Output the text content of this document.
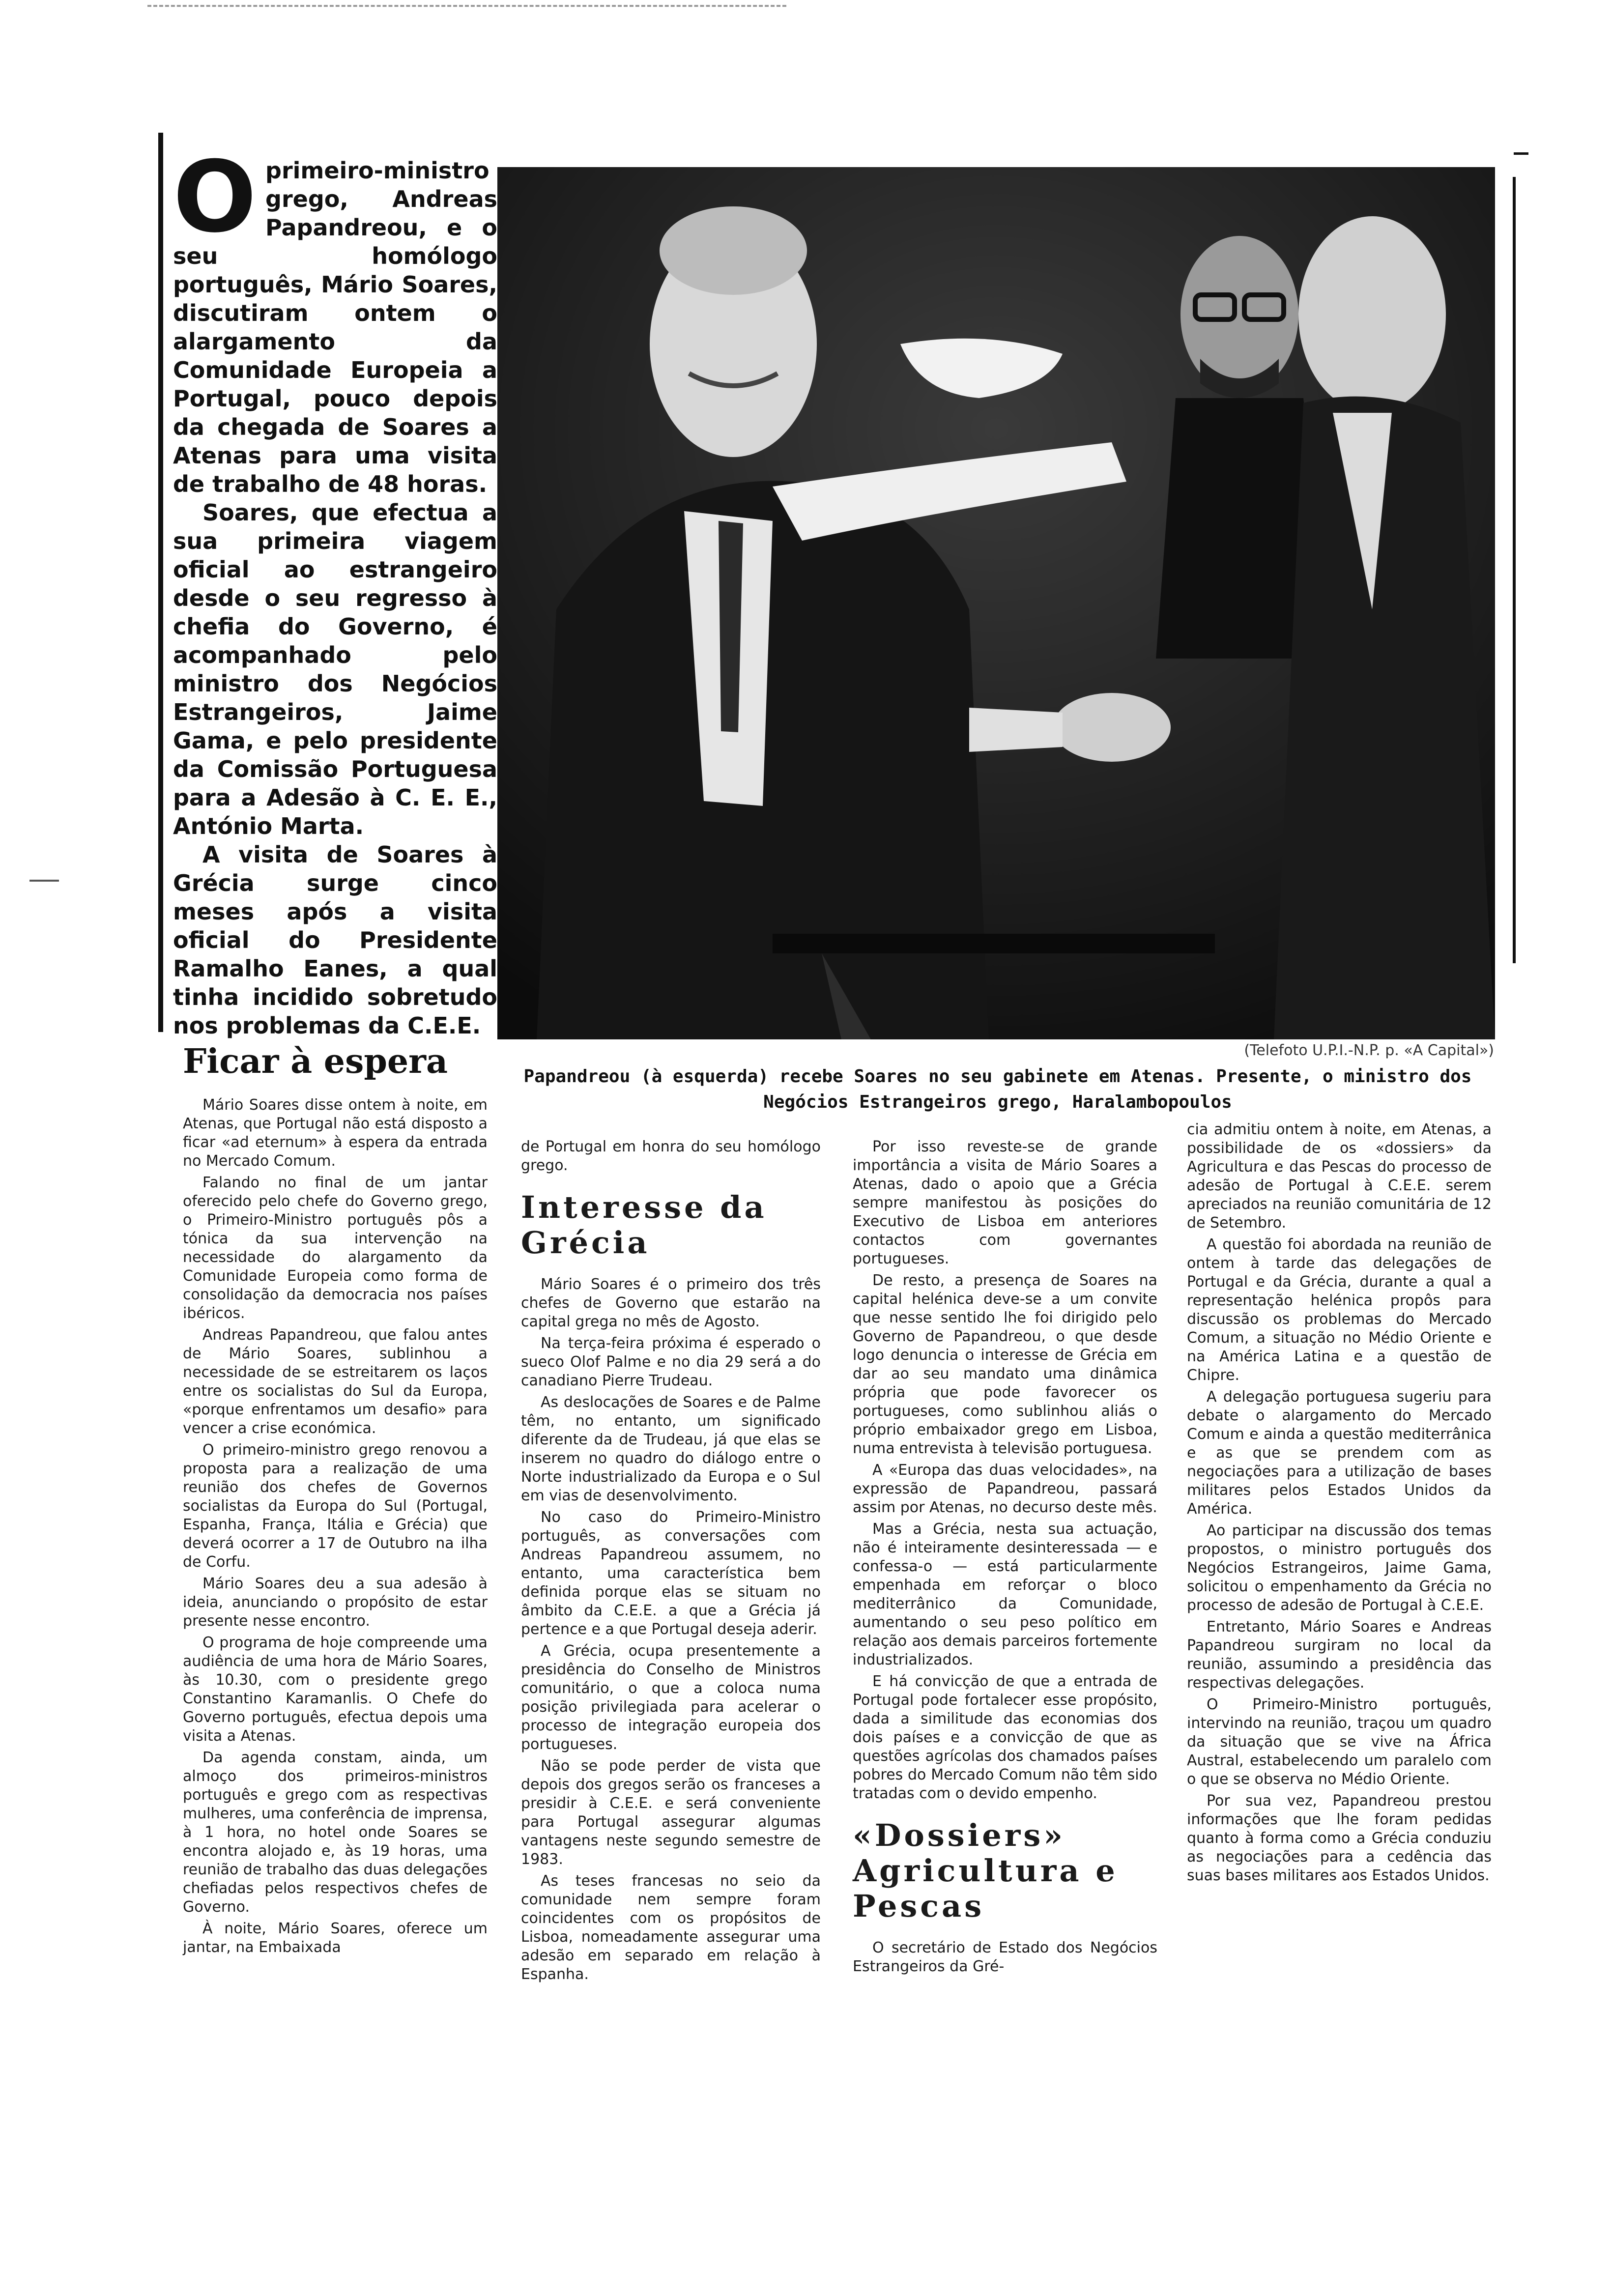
Oprimeiro-ministro grego, Andreas Papandreou, e o seu homólogo português, Mário Soares, discutiram ontem o alargamento da Comunidade Europeia a Portugal, pouco depois da chegada de Soares a Atenas para uma visita de trabalho de 48 horas.

Soares, que efectua a sua primeira viagem oficial ao estrangeiro desde o seu regresso à chefia do Governo, é acompanhado pelo ministro dos Negócios Estrangeiros, Jaime Gama, e pelo presidente da Comissão Portuguesa para a Adesão à C. E. E., António Marta.

A visita de Soares à Grécia surge cinco meses após a visita oficial do Presidente Ramalho Eanes, a qual tinha incidido sobretudo nos problemas da C.E.E.

(Telefoto U.P.I.-N.P. p. «A Capital»)
Papandreou (à esquerda) recebe Soares no seu gabinete em Atenas. Presente, o ministro dos Negócios Estrangeiros grego, Haralambopoulos
Ficar à espera

Mário Soares disse ontem à noite, em Atenas, que Portugal não está disposto a ficar «ad eternum» à espera da entrada no Mercado Comum.

Falando no final de um jantar oferecido pelo chefe do Governo grego, o Primeiro-Ministro português pôs a tónica da sua intervenção na necessidade do alargamento da Comunidade Europeia como forma de consolidação da democracia nos países ibéricos.

Andreas Papandreou, que falou antes de Mário Soares, sublinhou a necessidade de se estreitarem os laços entre os socialistas do Sul da Europa, «porque enfrentamos um desafio» para vencer a crise económica.

O primeiro-ministro grego renovou a proposta para a realização de uma reunião dos chefes de Governos socialistas da Europa do Sul (Portugal, Espanha, França, Itália e Grécia) que deverá ocorrer a 17 de Outubro na ilha de Corfu.

Mário Soares deu a sua adesão à ideia, anunciando o propósito de estar presente nesse encontro.

O programa de hoje compreende uma audiência de uma hora de Mário Soares, às 10.30, com o presidente grego Constantino Karamanlis. O Chefe do Governo português, efectua depois uma visita a Atenas.

Da agenda constam, ainda, um almoço dos primeiros-ministros português e grego com as respectivas mulheres, uma conferência de imprensa, à 1 hora, no hotel onde Soares se encontra alojado e, às 19 horas, uma reunião de trabalho das duas delegações chefiadas pelos respectivos chefes de Governo.

À noite, Mário Soares, oferece um jantar, na Embaixada

de Portugal em honra do seu homólogo grego.

Interesse da Grécia

Mário Soares é o primeiro dos três chefes de Governo que estarão na capital grega no mês de Agosto.

Na terça-feira próxima é esperado o sueco Olof Palme e no dia 29 será a do canadiano Pierre Trudeau.

As deslocações de Soares e de Palme têm, no entanto, um significado diferente da de Trudeau, já que elas se inserem no quadro do diálogo entre o Norte industrializado da Europa e o Sul em vias de desenvolvimento.

No caso do Primeiro-Ministro português, as conversações com Andreas Papandreou assumem, no entanto, uma característica bem definida porque elas se situam no âmbito da C.E.E. a que a Grécia já pertence e a que Portugal deseja aderir.

A Grécia, ocupa presentemente a presidência do Conselho de Ministros comunitário, o que a coloca numa posição privilegiada para acelerar o processo de integração europeia dos portugueses.

Não se pode perder de vista que depois dos gregos serão os franceses a presidir à C.E.E. e será conveniente para Portugal assegurar algumas vantagens neste segundo semestre de 1983.

As teses francesas no seio da comunidade nem sempre foram coincidentes com os propósitos de Lisboa, nomeadamente assegurar uma adesão em separado em relação à Espanha.

Por isso reveste-se de grande importância a visita de Mário Soares a Atenas, dado o apoio que a Grécia sempre manifestou às posições do Executivo de Lisboa em anteriores contactos com governantes portugueses.

De resto, a presença de Soares na capital helénica deve-se a um convite que nesse sentido lhe foi dirigido pelo Governo de Papandreou, o que desde logo denuncia o interesse de Grécia em dar ao seu mandato uma dinâmica própria que pode favorecer os portugueses, como sublinhou aliás o próprio embaixador grego em Lisboa, numa entrevista à televisão portuguesa.

A «Europa das duas velocidades», na expressão de Papandreou, passará assim por Atenas, no decurso deste mês.

Mas a Grécia, nesta sua actuação, não é inteiramente desinteressada — e confessa-o — está particularmente empenhada em reforçar o bloco mediterrânico da Comunidade, aumentando o seu peso político em relação aos demais parceiros fortemente industrializados.

E há convicção de que a entrada de Portugal pode fortalecer esse propósito, dada a similitude das economias dos dois países e a convicção de que as questões agrícolas dos chamados países pobres do Mercado Comum não têm sido tratadas com o devido empenho.

«Dossiers» Agricultura e Pescas

O secretário de Estado dos Negócios Estrangeiros da Gré-

cia admitiu ontem à noite, em Atenas, a possibilidade de os «dossiers» da Agricultura e das Pescas do processo de adesão de Portugal à C.E.E. serem apreciados na reunião comunitária de 12 de Setembro.

A questão foi abordada na reunião de ontem à tarde das delegações de Portugal e da Grécia, durante a qual a representação helénica propôs para discussão os problemas do Mercado Comum, a situação no Médio Oriente e na América Latina e a questão de Chipre.

A delegação portuguesa sugeriu para debate o alargamento do Mercado Comum e ainda a questão mediterrânica e as que se prendem com as negociações para a utilização de bases militares pelos Estados Unidos da América.

Ao participar na discussão dos temas propostos, o ministro português dos Negócios Estrangeiros, Jaime Gama, solicitou o empenhamento da Grécia no processo de adesão de Portugal à C.E.E.

Entretanto, Mário Soares e Andreas Papandreou surgiram no local da reunião, assumindo a presidência das respectivas delegações.

O Primeiro-Ministro português, intervindo na reunião, traçou um quadro da situação que se vive na África Austral, estabelecendo um paralelo com o que se observa no Médio Oriente.

Por sua vez, Papandreou prestou informações que lhe foram pedidas quanto à forma como a Grécia conduziu as negociações para a cedência das suas bases militares aos Estados Unidos.
